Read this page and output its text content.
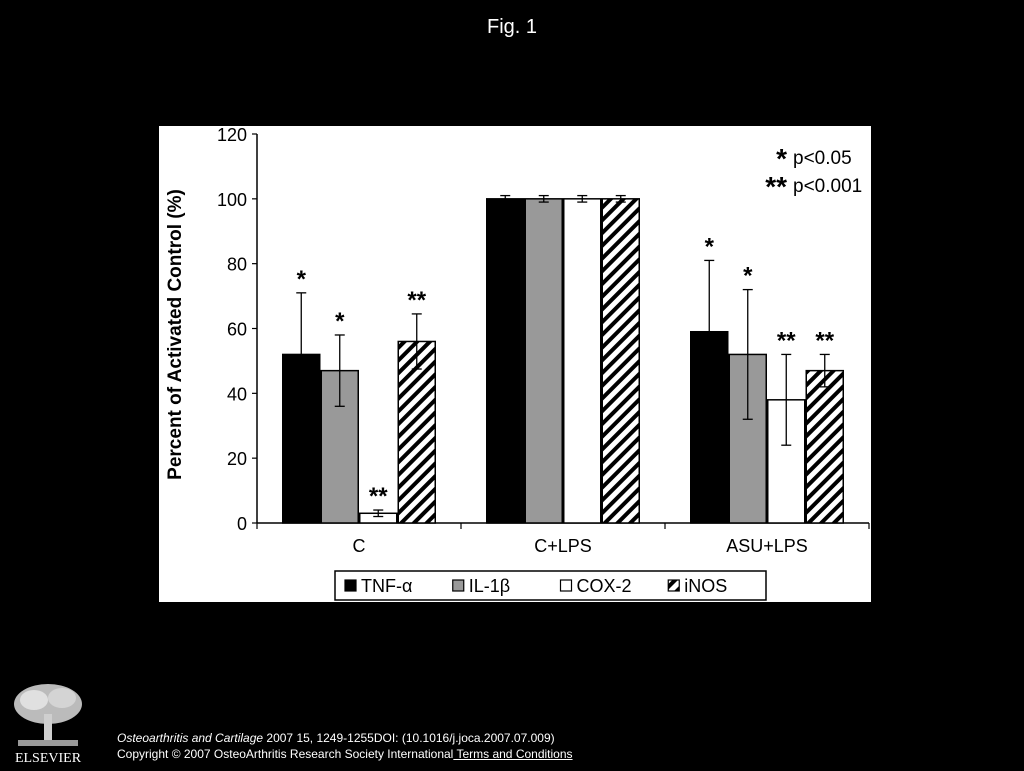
Fig. 1
0
20
40
60
80
100
120
Percent of Activated Control (%)
C	C+LPS	ASU+LPS
*
*
*
*
**
**
**
**
* p<0.05
** p<0.001
TNF-α	IL-1β	COX-2	iNOS
ELSEVIER
Osteoarthritis and Cartilage 2007 15, 1249-1255DOI: (10.1016/j.joca.2007.07.009)
Copyright © 2007 OsteoArthritis Research Society International Terms and Conditions
